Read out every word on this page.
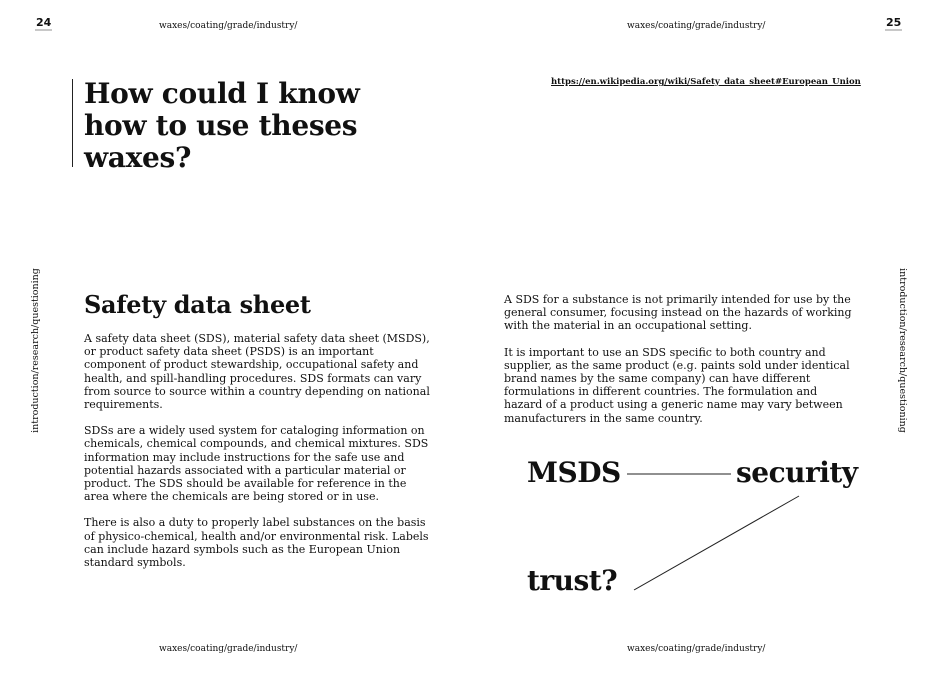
24	waxes/coating/grade/industry/
introduction/research/questioning
How could I know how to use theses waxes?
Safety data sheet

A safety data sheet (SDS), material safety data sheet (MSDS), or product safety data sheet (PSDS) is an important component of product stewardship, occupational safety and health, and spill-handling procedures. SDS formats can vary from source to source within a country depending on national requirements.

SDSs are a widely used system for cataloging information on chemicals, chemical compounds, and chemical mixtures. SDS information may include instructions for the safe use and potential hazards associated with a particular material or product. The SDS should be available for reference in the area where the chemicals are being stored or in use.

There is also a duty to properly label substances on the basis of physico-chemical, health and/or environmental risk. Labels can include hazard symbols such as the European Union standard symbols.

waxes/coating/grade/industry/
25
waxes/coating/grade/industry/
introduction/research/questioning
https://en.wikipedia.org/wiki/Safety_data_sheet#European_Union

A SDS for a substance is not primarily intended for use by the general consumer, focusing instead on the hazards of working with the material in an occupational setting.

It is important to use an SDS specific to both country and supplier, as the same product (e.g. paints sold under identical brand names by the same company) can have different formulations in different countries. The formulation and hazard of a product using a generic name may vary between manufacturers in the same country.

MSDS	security
trust?
waxes/coating/grade/industry/
